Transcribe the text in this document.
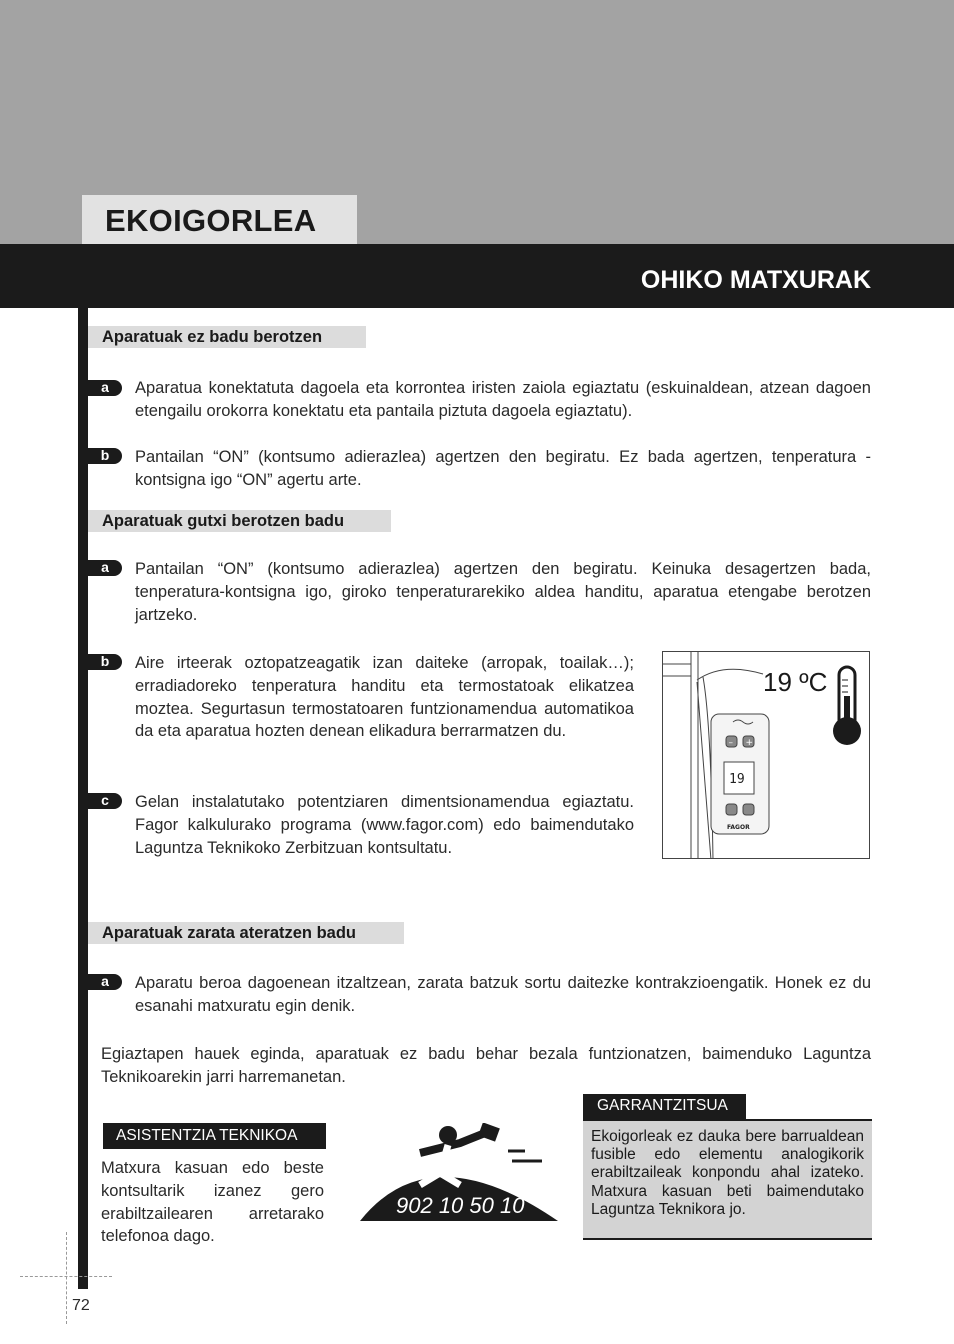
EKOIGORLEA
OHIKO MATXURAK
Aparatuak ez badu berotzen
a	Aparatua konektatuta dagoela eta korrontea iristen zaiola egiaztatu (eskuinaldean, atzean dagoen etengailu orokorra konektatu eta pantaila piztuta dagoela egiaztatu).
b	Pantailan “ON” (kontsumo adierazlea) agertzen den begiratu. Ez bada agertzen, tenperatura -kontsigna igo “ON” agertu arte.
Aparatuak gutxi berotzen badu
a	Pantailan “ON” (kontsumo adierazlea) agertzen den begiratu. Keinuka desagertzen bada, tenperatura-kontsigna igo, giroko tenperaturarekiko aldea handitu, aparatua etengabe berotzen jartzeko.
b	Aire irteerak oztopatzeagatik izan daiteke (arropak, toailak…); erradiadoreko tenperatura handitu eta termostatoak elikatzea moztea. Segurtasun termostatoaren funtzionamendua automatikoa da eta aparatua hozten denean elikadura berrarmatzen du.
c	Gelan instalatutako potentziaren dimentsionamendua egiaztatu. Fagor kalkulurako programa (www.fagor.com) edo baimendutako Laguntza Teknikoko Zerbitzuan kontsultatu.
– +
19
FAGOR
19 ºC
Aparatuak zarata ateratzen badu
a	Aparatu beroa dagoenean itzaltzean, zarata batzuk sortu daitezke kontrakzioengatik. Honek ez du esanahi matxuratu egin denik.
Egiaztapen hauek eginda, aparatuak ez badu behar bezala funtzionatzen, baimenduko Laguntza Teknikoarekin jarri harremanetan.
ASISTENTZIA TEKNIKOA
Matxura kasuan edo beste kontsultarik izanez gero erabiltzailearen arretarako telefonoa dago.
902 10 50 10
GARRANTZITSUA
Ekoigorleak ez dauka bere barrualdean fusible edo elementu analogikorik erabiltzaileak konpondu ahal izateko. Matxura kasuan beti baimendutako Laguntza Teknikora jo.
72
